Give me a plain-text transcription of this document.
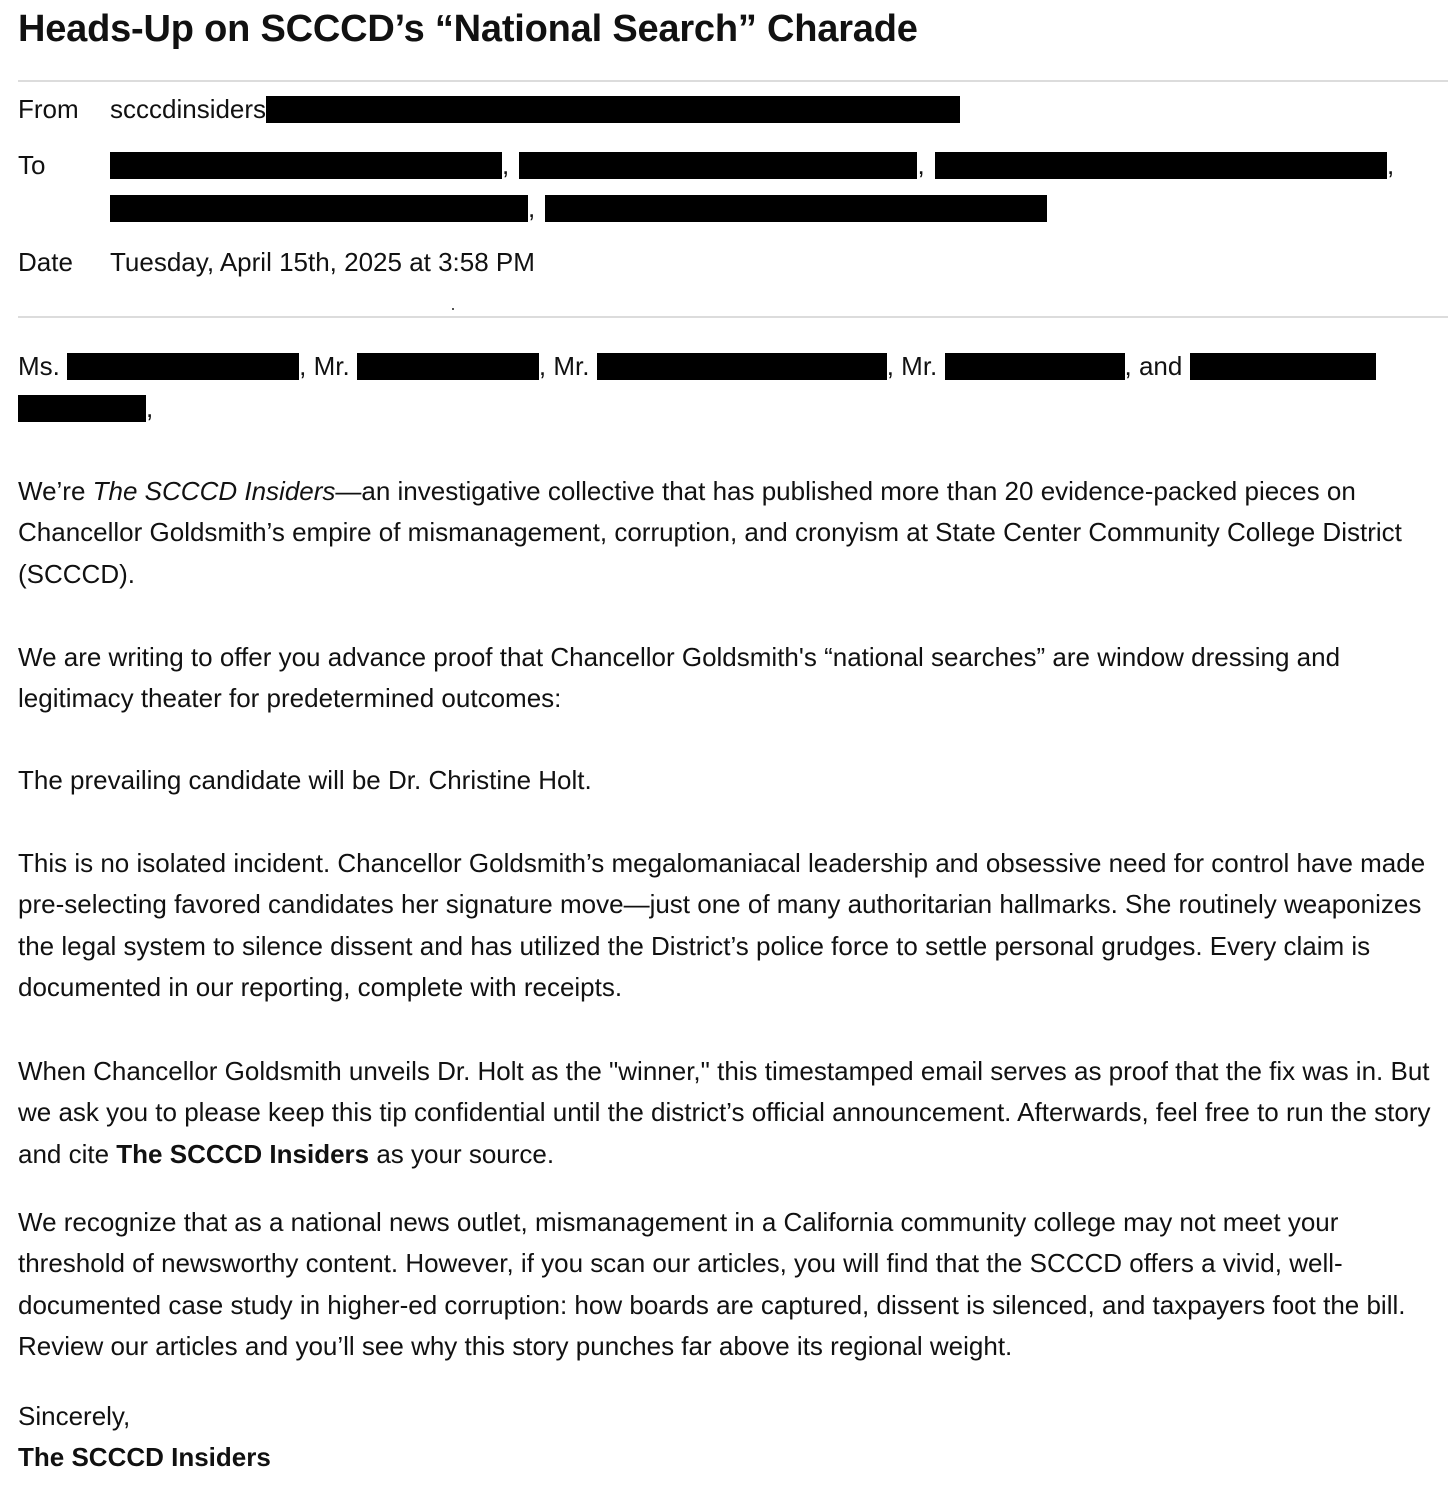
Heads-Up on SCCCD’s “National Search” Charade
From scccdinsiders
To	,	,	,
,
Date Tuesday, April 15th, 2025 at 3:58 PM
Ms.	, Mr.	, Mr.	, Mr.	, and
,

We’re The SCCCD Insiders—an investigative collective that has published more than 20 evidence-packed pieces on Chancellor Goldsmith’s empire of mismanagement, corruption, and cronyism at State Center Community College District (SCCCD).

We are writing to offer you advance proof that Chancellor Goldsmith's “national searches” are window dressing and legitimacy theater for predetermined outcomes:

The prevailing candidate will be Dr. Christine Holt.

This is no isolated incident. Chancellor Goldsmith’s megalomaniacal leadership and obsessive need for control have made pre-selecting favored candidates her signature move—just one of many authoritarian hallmarks. She routinely weaponizes the legal system to silence dissent and has utilized the District’s police force to settle personal grudges. Every claim is documented in our reporting, complete with receipts.

When Chancellor Goldsmith unveils Dr. Holt as the "winner," this timestamped email serves as proof that the fix was in. But we ask you to please keep this tip confidential until the district’s official announcement. Afterwards, feel free to run the story and cite The SCCCD Insiders as your source.

We recognize that as a national news outlet, mismanagement in a California community college may not meet your threshold of newsworthy content. However, if you scan our articles, you will find that the SCCCD offers a vivid, well-documented case study in higher-ed corruption: how boards are captured, dissent is silenced, and taxpayers foot the bill. Review our articles and you’ll see why this story punches far above its regional weight.

Sincerely,
The SCCCD Insiders
